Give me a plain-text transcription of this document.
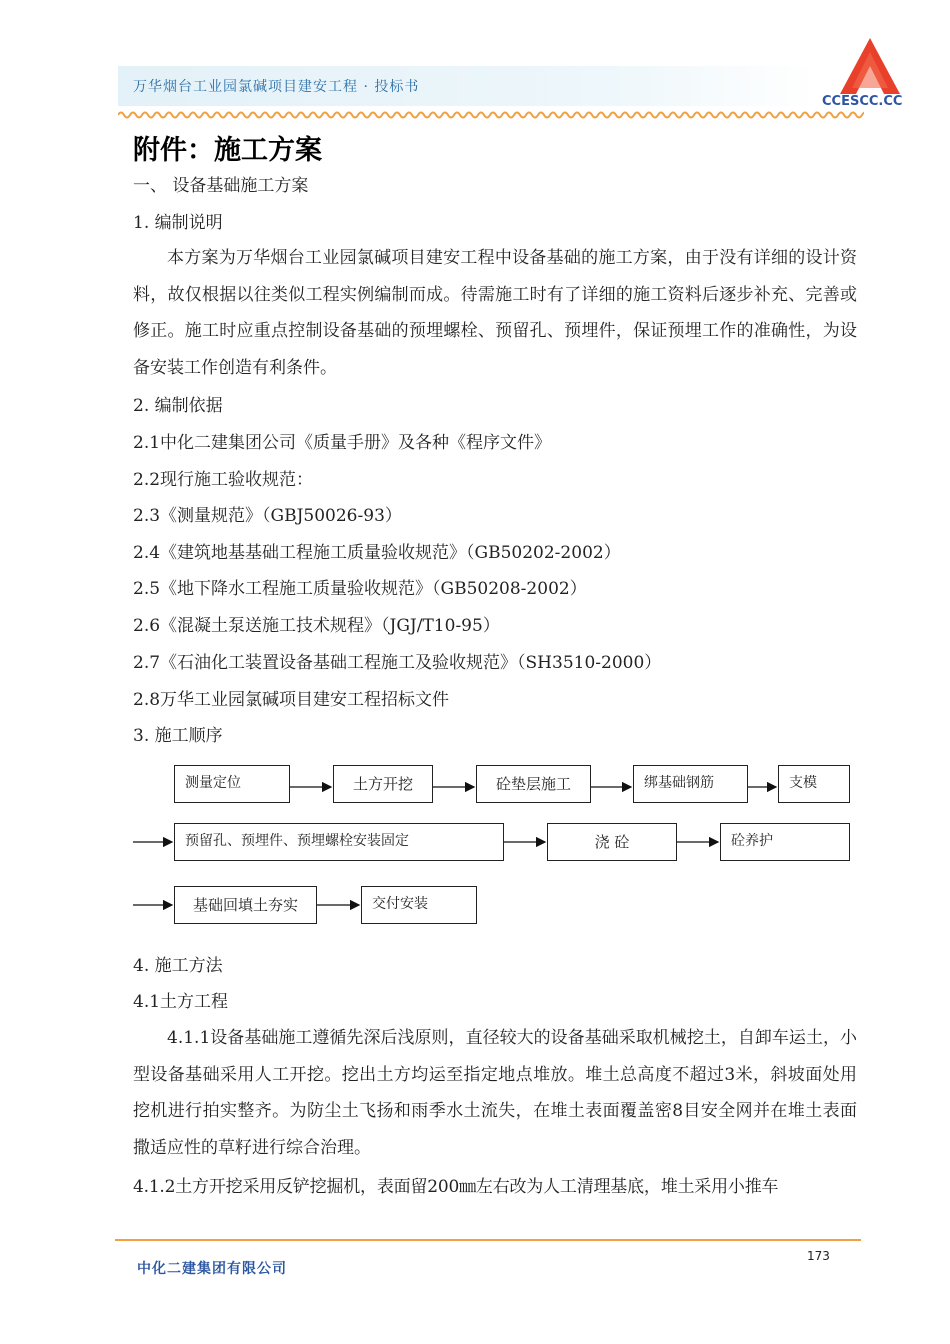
万华烟台工业园氯碱项目建安工程 · 投标书
CCESCC.CC
附件：施工方案
一、 设备基础施工方案
1. 编制说明
本方案为万华烟台工业园氯碱项目建安工程中设备基础的施工方案，由于没有详细的设计资料，故仅根据以往类似工程实例编制而成。待需施工时有了详细的施工资料后逐步补充、完善或修正。施工时应重点控制设备基础的预埋螺栓、预留孔、预埋件，保证预埋工作的准确性，为设备安装工作创造有利条件。
2. 编制依据
2.1中化二建集团公司《质量手册》及各种《程序文件》
2.2现行施工验收规范：
2.3《测量规范》（GBJ50026-93）
2.4《建筑地基基础工程施工质量验收规范》（GB50202-2002）
2.5《地下降水工程施工质量验收规范》（GB50208-2002）
2.6《混凝土泵送施工技术规程》（JGJ/T10-95）
2.7《石油化工装置设备基础工程施工及验收规范》（SH3510-2000）
2.8万华工业园氯碱项目建安工程招标文件
3. 施工顺序
测量定位	土方开挖	砼垫层施工	绑基础钢筋	支模
预留孔、预埋件、预埋螺栓安装固定	浇 砼	砼养护
基础回填土夯实	交付安装
4. 施工方法
4.1土方工程
4.1.1设备基础施工遵循先深后浅原则，直径较大的设备基础采取机械挖土，自卸车运土，小型设备基础采用人工开挖。挖出土方均运至指定地点堆放。堆土总高度不超过3米，斜坡面处用挖机进行拍实整齐。为防尘土飞扬和雨季水土流失，在堆土表面覆盖密8目安全网并在堆土表面撒适应性的草籽进行综合治理。
4.1.2土方开挖采用反铲挖掘机，表面留200㎜左右改为人工清理基底，堆土采用小推车
173
中化二建集团有限公司
